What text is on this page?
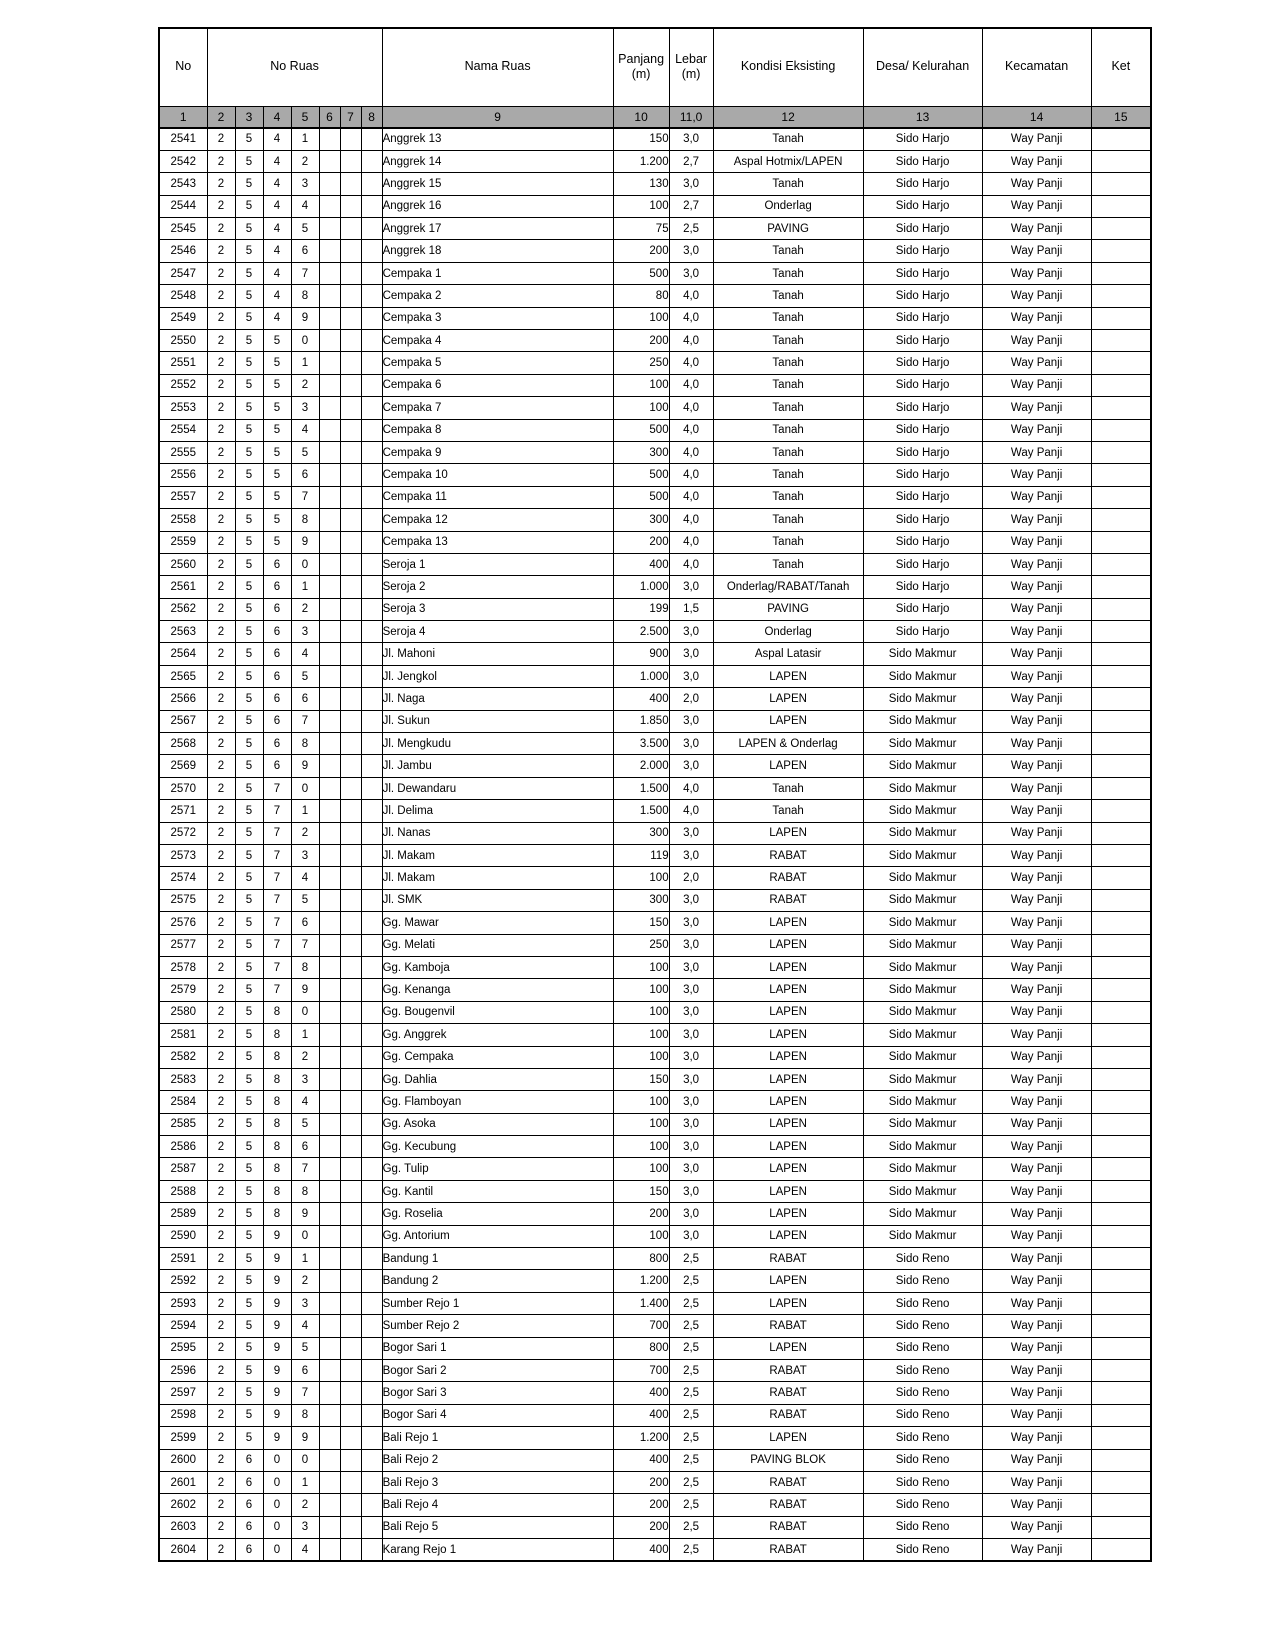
No	No Ruas							Nama Ruas	Panjang (m)	Lebar (m)	Kondisi Eksisting	Desa/ Kelurahan	Kecamatan	Ket
1	2	3	4	5	6	7	8	9	10	11,0	12	13	14	15
2541	2	5	4	1				Anggrek 13	150	3,0	Tanah	Sido Harjo	Way Panji	
2542	2	5	4	2				Anggrek 14	1.200	2,7	Aspal Hotmix/LAPEN	Sido Harjo	Way Panji	
2543	2	5	4	3				Anggrek 15	130	3,0	Tanah	Sido Harjo	Way Panji	
2544	2	5	4	4				Anggrek 16	100	2,7	Onderlag	Sido Harjo	Way Panji	
2545	2	5	4	5				Anggrek 17	75	2,5	PAVING	Sido Harjo	Way Panji	
2546	2	5	4	6				Anggrek 18	200	3,0	Tanah	Sido Harjo	Way Panji	
2547	2	5	4	7				Cempaka 1	500	3,0	Tanah	Sido Harjo	Way Panji	
2548	2	5	4	8				Cempaka 2	80	4,0	Tanah	Sido Harjo	Way Panji	
2549	2	5	4	9				Cempaka 3	100	4,0	Tanah	Sido Harjo	Way Panji	
2550	2	5	5	0				Cempaka 4	200	4,0	Tanah	Sido Harjo	Way Panji	
2551	2	5	5	1				Cempaka 5	250	4,0	Tanah	Sido Harjo	Way Panji	
2552	2	5	5	2				Cempaka 6	100	4,0	Tanah	Sido Harjo	Way Panji	
2553	2	5	5	3				Cempaka 7	100	4,0	Tanah	Sido Harjo	Way Panji	
2554	2	5	5	4				Cempaka 8	500	4,0	Tanah	Sido Harjo	Way Panji	
2555	2	5	5	5				Cempaka 9	300	4,0	Tanah	Sido Harjo	Way Panji	
2556	2	5	5	6				Cempaka 10	500	4,0	Tanah	Sido Harjo	Way Panji	
2557	2	5	5	7				Cempaka 11	500	4,0	Tanah	Sido Harjo	Way Panji	
2558	2	5	5	8				Cempaka 12	300	4,0	Tanah	Sido Harjo	Way Panji	
2559	2	5	5	9				Cempaka 13	200	4,0	Tanah	Sido Harjo	Way Panji	
2560	2	5	6	0				Seroja 1	400	4,0	Tanah	Sido Harjo	Way Panji	
2561	2	5	6	1				Seroja 2	1.000	3,0	Onderlag/RABAT/Tanah	Sido Harjo	Way Panji	
2562	2	5	6	2				Seroja 3	199	1,5	PAVING	Sido Harjo	Way Panji	
2563	2	5	6	3				Seroja 4	2.500	3,0	Onderlag	Sido Harjo	Way Panji	
2564	2	5	6	4				Jl. Mahoni	900	3,0	Aspal Latasir	Sido Makmur	Way Panji	
2565	2	5	6	5				Jl. Jengkol	1.000	3,0	LAPEN	Sido Makmur	Way Panji	
2566	2	5	6	6				Jl. Naga	400	2,0	LAPEN	Sido Makmur	Way Panji	
2567	2	5	6	7				Jl. Sukun	1.850	3,0	LAPEN	Sido Makmur	Way Panji	
2568	2	5	6	8				Jl. Mengkudu	3.500	3,0	LAPEN & Onderlag	Sido Makmur	Way Panji	
2569	2	5	6	9				Jl. Jambu	2.000	3,0	LAPEN	Sido Makmur	Way Panji	
2570	2	5	7	0				Jl. Dewandaru	1.500	4,0	Tanah	Sido Makmur	Way Panji	
2571	2	5	7	1				Jl. Delima	1.500	4,0	Tanah	Sido Makmur	Way Panji	
2572	2	5	7	2				Jl. Nanas	300	3,0	LAPEN	Sido Makmur	Way Panji	
2573	2	5	7	3				Jl. Makam	119	3,0	RABAT	Sido Makmur	Way Panji	
2574	2	5	7	4				Jl. Makam	100	2,0	RABAT	Sido Makmur	Way Panji	
2575	2	5	7	5				Jl. SMK	300	3,0	RABAT	Sido Makmur	Way Panji	
2576	2	5	7	6				Gg. Mawar	150	3,0	LAPEN	Sido Makmur	Way Panji	
2577	2	5	7	7				Gg. Melati	250	3,0	LAPEN	Sido Makmur	Way Panji	
2578	2	5	7	8				Gg. Kamboja	100	3,0	LAPEN	Sido Makmur	Way Panji	
2579	2	5	7	9				Gg. Kenanga	100	3,0	LAPEN	Sido Makmur	Way Panji	
2580	2	5	8	0				Gg. Bougenvil	100	3,0	LAPEN	Sido Makmur	Way Panji	
2581	2	5	8	1				Gg. Anggrek	100	3,0	LAPEN	Sido Makmur	Way Panji	
2582	2	5	8	2				Gg. Cempaka	100	3,0	LAPEN	Sido Makmur	Way Panji	
2583	2	5	8	3				Gg. Dahlia	150	3,0	LAPEN	Sido Makmur	Way Panji	
2584	2	5	8	4				Gg. Flamboyan	100	3,0	LAPEN	Sido Makmur	Way Panji	
2585	2	5	8	5				Gg. Asoka	100	3,0	LAPEN	Sido Makmur	Way Panji	
2586	2	5	8	6				Gg. Kecubung	100	3,0	LAPEN	Sido Makmur	Way Panji	
2587	2	5	8	7				Gg. Tulip	100	3,0	LAPEN	Sido Makmur	Way Panji	
2588	2	5	8	8				Gg. Kantil	150	3,0	LAPEN	Sido Makmur	Way Panji	
2589	2	5	8	9				Gg. Roselia	200	3,0	LAPEN	Sido Makmur	Way Panji	
2590	2	5	9	0				Gg. Antorium	100	3,0	LAPEN	Sido Makmur	Way Panji	
2591	2	5	9	1				Bandung 1	800	2,5	RABAT	Sido Reno	Way Panji	
2592	2	5	9	2				Bandung 2	1.200	2,5	LAPEN	Sido Reno	Way Panji	
2593	2	5	9	3				Sumber Rejo 1	1.400	2,5	LAPEN	Sido Reno	Way Panji	
2594	2	5	9	4				Sumber Rejo 2	700	2,5	RABAT	Sido Reno	Way Panji	
2595	2	5	9	5				Bogor Sari 1	800	2,5	LAPEN	Sido Reno	Way Panji	
2596	2	5	9	6				Bogor Sari 2	700	2,5	RABAT	Sido Reno	Way Panji	
2597	2	5	9	7				Bogor Sari 3	400	2,5	RABAT	Sido Reno	Way Panji	
2598	2	5	9	8				Bogor Sari 4	400	2,5	RABAT	Sido Reno	Way Panji	
2599	2	5	9	9				Bali Rejo 1	1.200	2,5	LAPEN	Sido Reno	Way Panji	
2600	2	6	0	0				Bali Rejo 2	400	2,5	PAVING BLOK	Sido Reno	Way Panji	
2601	2	6	0	1				Bali Rejo 3	200	2,5	RABAT	Sido Reno	Way Panji	
2602	2	6	0	2				Bali Rejo 4	200	2,5	RABAT	Sido Reno	Way Panji	
2603	2	6	0	3				Bali Rejo 5	200	2,5	RABAT	Sido Reno	Way Panji	
2604	2	6	0	4				Karang Rejo 1	400	2,5	RABAT	Sido Reno	Way Panji	
